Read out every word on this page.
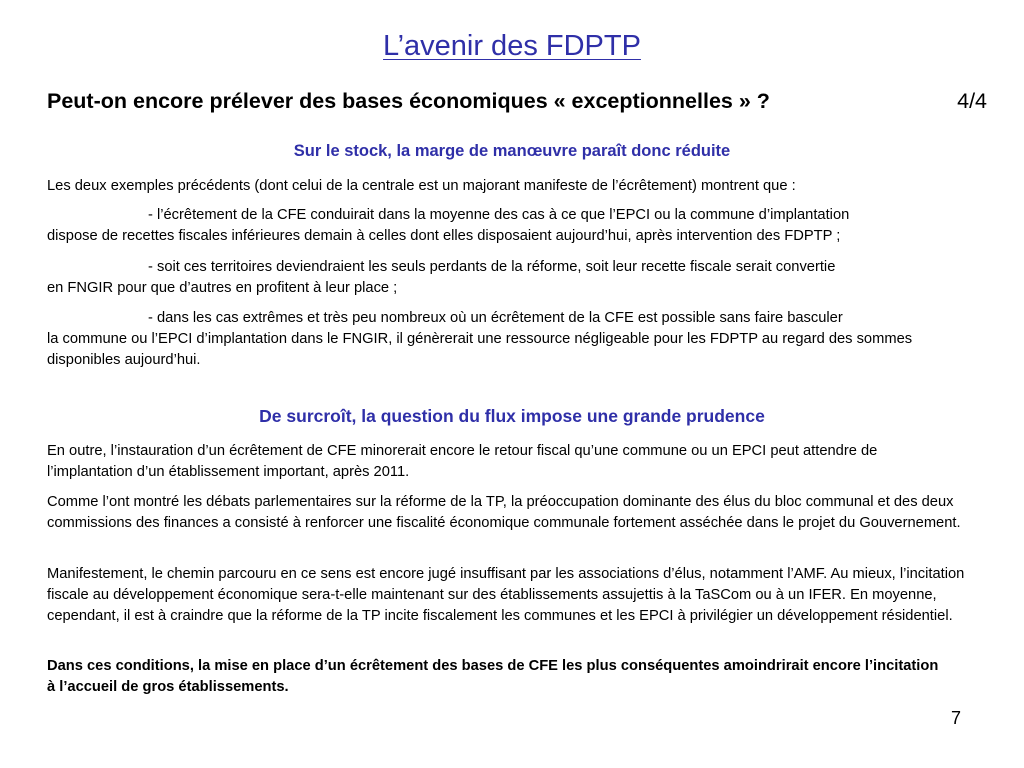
L’avenir des FDPTP
Peut-on encore prélever des bases économiques « exceptionnelles » ?	4/4
Sur le stock, la marge de manœuvre paraît donc réduite

Les deux exemples précédents (dont celui de la centrale est un majorant manifeste de l’écrêtement) montrent que :

- l’écrêtement de la CFE conduirait dans la moyenne des cas à ce que l’EPCI ou la commune d’implantation

dispose de recettes fiscales inférieures demain à celles dont elles disposaient aujourd’hui, après intervention des FDPTP ;

- soit ces territoires deviendraient les seuls perdants de la réforme, soit leur recette fiscale serait convertie

en FNGIR pour que d’autres en profitent à leur place ;

- dans les cas extrêmes et très peu nombreux où un écrêtement de la CFE est possible sans faire basculer

la commune ou l’EPCI d’implantation dans le FNGIR, il génèrerait une ressource négligeable pour les FDPTP au regard des sommes disponibles aujourd’hui.

De surcroît, la question du flux impose une grande prudence

En outre, l’instauration d’un écrêtement de CFE minorerait encore le retour fiscal qu’une commune ou un EPCI peut attendre de l’implantation d’un établissement important, après 2011.

Comme l’ont montré les débats parlementaires sur la réforme de la TP, la préoccupation dominante des élus du bloc communal et des deux commissions des finances a consisté à renforcer une fiscalité économique communale fortement asséchée dans le projet du Gouvernement.

Manifestement, le chemin parcouru en ce sens est encore jugé insuffisant par les associations d’élus, notamment l’AMF. Au mieux, l’incitation fiscale au développement économique sera-t-elle maintenant sur des établissements assujettis à la TaSCom ou à un IFER. En moyenne, cependant, il est à craindre que la réforme de la TP incite fiscalement les communes et les EPCI à privilégier un développement résidentiel.

Dans ces conditions, la mise en place d’un écrêtement des bases de CFE les plus conséquentes amoindrirait encore l’incitation à l’accueil de gros établissements.

7
